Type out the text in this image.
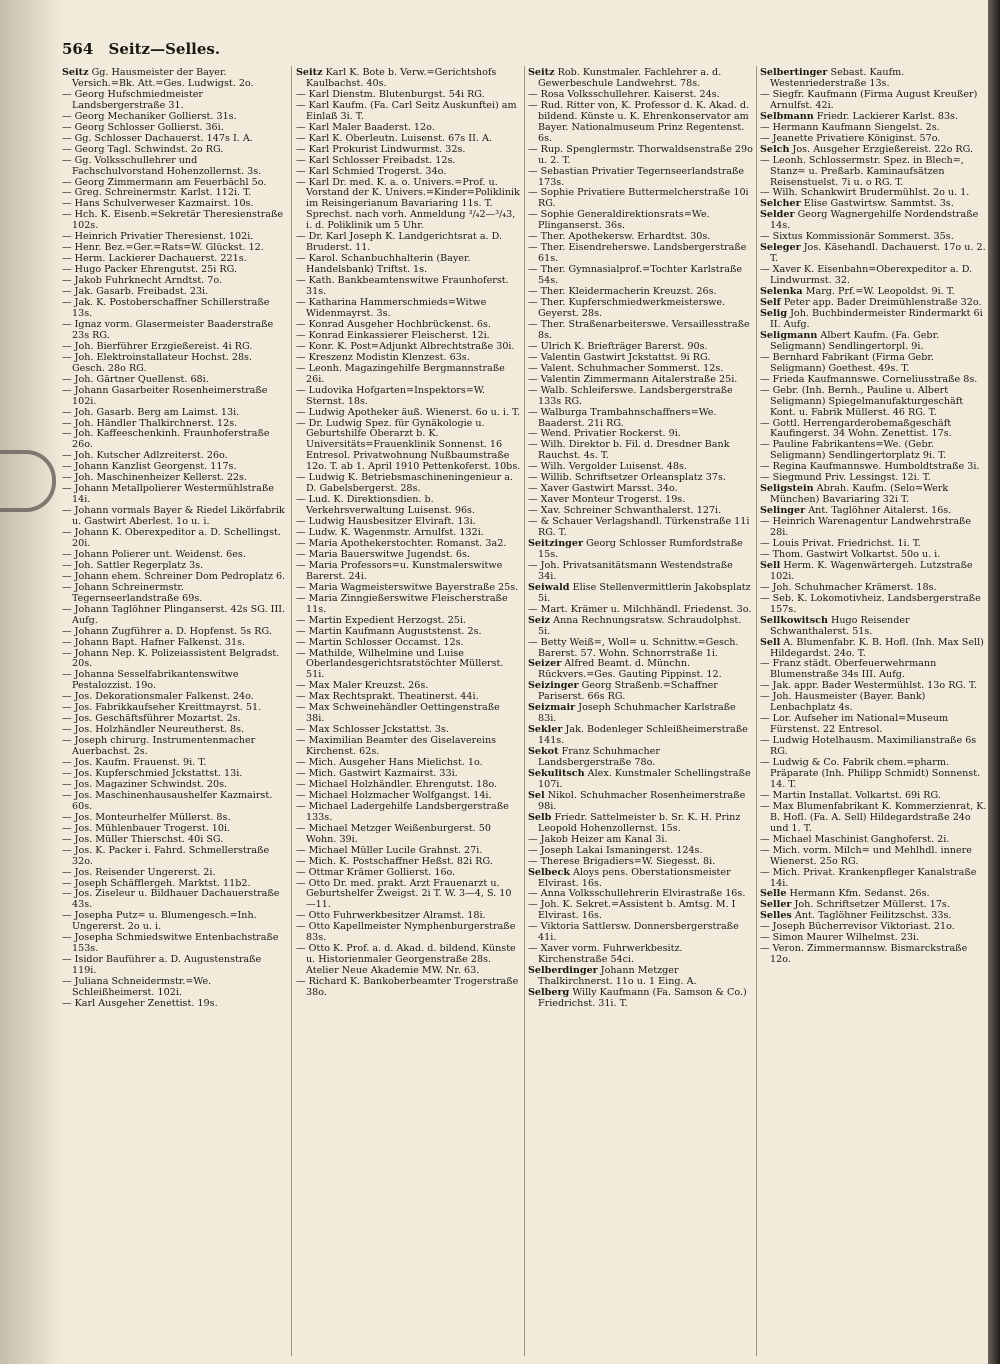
564 Seitz—Selles.
Seitz Gg. Hausmeister der Bayer. Versich.=Bk. Att.=Ges. Ludwigst. 2o.
— Georg Hufschmiedmeister Landsbergerstraße 31.
— Georg Mechaniker Gollierst. 31s.
— Georg Schlosser Gollierst. 36i.
— Gg. Schlosser Dachauerst. 147s I. A.
— Georg Tagl. Schwindst. 2o RG.
— Gg. Volksschullehrer und Fachschulvorstand Hohenzollernst. 3s.
— Georg Zimmermann am Feuerbächl 5o.
— Greg. Schreinermstr. Karlst. 112i. T.
— Hans Schulverweser Kazmairst. 10s.
— Hch. K. Eisenb.=Sekretär Theresienstraße 102s.
— Heinrich Privatier Theresienst. 102i.
— Henr. Bez.=Ger.=Rats=W. Glückst. 12.
— Herm. Lackierer Dachauerst. 221s.
— Hugo Packer Ehrengutst. 25i RG.
— Jakob Fuhrknecht Arndtst. 7o.
— Jak. Gasarb. Freibadst. 23i.
— Jak. K. Postoberschaffner Schillerstraße 13s.
— Ignaz vorm. Glasermeister Baaderstraße 23s RG.
— Joh. Bierführer Erzgießereist. 4i RG.
— Joh. Elektroinstallateur Hochst. 28s. Gesch. 28o RG.
— Joh. Gärtner Quellenst. 68i.
— Johann Gasarbeiter Rosenheimerstraße 102i.
— Joh. Gasarb. Berg am Laimst. 13i.
— Joh. Händler Thalkirchnerst. 12s.
— Joh. Kaffeeschenkinh. Fraunhoferstraße 26o.
— Joh. Kutscher Adlzreiterst. 26o.
— Johann Kanzlist Georgenst. 117s.
— Joh. Maschinenheizer Kellerst. 22s.
— Johann Metallpolierer Westermühlstraße 14i.
— Johann vormals Bayer & Riedel Likörfabrik u. Gastwirt Aberlest. 1o u. i.
— Johann K. Oberexpeditor a. D. Schellingst. 20i.
— Johann Polierer unt. Weidenst. 6es.
— Joh. Sattler Regerplatz 3s.
— Johann ehem. Schreiner Dom Pedroplatz 6.
— Johann Schreinermstr. Tegernseerlandstraße 69s.
— Johann Taglöhner Plinganserst. 42s SG. III. Aufg.
— Johann Zugführer a. D. Hopfenst. 5s RG.
— Johann Bapt. Hafner Falkenst. 31s.
— Johann Nep. K. Polizeiassistent Belgradst. 20s.
— Johanna Sesselfabrikantenswitwe Pestalozzist. 19o.
— Jos. Dekorationsmaler Falkenst. 24o.
— Jos. Fabrikkaufseher Kreittmayrst. 51.
— Jos. Geschäftsführer Mozartst. 2s.
— Jos. Holzhändler Neureutherst. 8s.
— Joseph chirurg. Instrumentenmacher Auerbachst. 2s.
— Jos. Kaufm. Frauenst. 9i. T.
— Jos. Kupferschmied Jckstattst. 13i.
— Jos. Magaziner Schwindst. 20s.
— Jos. Maschinenhausaushelfer Kazmairst. 60s.
— Jos. Monteurhelfer Müllerst. 8s.
— Jos. Mühlenbauer Trogerst. 10i.
— Jos. Müller Thierschst. 40i SG.
— Jos. K. Packer i. Fahrd. Schmellerstraße 32o.
— Jos. Reisender Ungererst. 2i.
— Joseph Schäfflergeh. Marktst. 11b2.
— Jos. Ziseleur u. Bildhauer Dachauerstraße 43s.
— Josepha Putz= u. Blumengesch.=Inh. Ungererst. 2o u. i.
— Josepha Schmiedswitwe Entenbachstraße 153s.
— Isidor Bauführer a. D. Augustenstraße 119i.
— Juliana Schneidermstr.=We. Schleißheimerst. 102i.
— Karl Ausgeher Zenettist. 19s.
Seitz Karl K. Bote b. Verw.=Gerichtshofs Kaulbachst. 40s.
— Karl Dienstm. Blutenburgst. 54i RG.
— Karl Kaufm. (Fa. Carl Seitz Auskunftei) am Einlaß 3i. T.
— Karl Maler Baaderst. 12o.
— Karl K. Oberleutn. Luisenst. 67s II. A.
— Karl Prokurist Lindwurmst. 32s.
— Karl Schlosser Freibadst. 12s.
— Karl Schmied Trogerst. 34o.
— Karl Dr. med. K. a. o. Univers.=Prof. u. Vorstand der K. Univers.=Kinder=Poliklinik im Reisingerianum Bavariaring 11s. T. Sprechst. nach vorh. Anmeldung ³/₄2—³/₄3, i. d. Poliklinik um 5 Uhr.
— Dr. Karl Joseph K. Landgerichtsrat a. D. Bruderst. 11.
— Karol. Schanbuchhalterin (Bayer. Handelsbank) Triftst. 1s.
— Kath. Bankbeamtenswitwe Fraunhoferst. 31s.
— Katharina Hammerschmieds=Witwe Widenmayrst. 3s.
— Konrad Ausgeher Hochbrückenst. 6s.
— Konrad Einkassierer Fleischerst. 12i.
— Konr. K. Post=Adjunkt Albrechtstraße 30i.
— Kreszenz Modistin Klenzest. 63s.
— Leonh. Magazingehilfe Bergmannstraße 26i.
— Ludovika Hofgarten=Inspektors=W. Sternst. 18s.
— Ludwig Apotheker äuß. Wienerst. 6o u. i. T.
— Dr. Ludwig Spez. für Gynäkologie u. Geburtshilfe Oberarzt b. K. Universitäts=Frauenklinik Sonnenst. 16 Entresol. Privatwohnung Nußbaumstraße 12o. T. ab 1. April 1910 Pettenkoferst. 10bs.
— Ludwig K. Betriebsmaschineningenieur a. D. Gabelsbergerst. 28s.
— Lud. K. Direktionsdien. b. Verkehrsverwaltung Luisenst. 96s.
— Ludwig Hausbesitzer Elviraft. 13i.
— Ludw. K. Wagenmstr. Arnulfst. 132i.
— Maria Apothekerstochter. Romanst. 3a2.
— Maria Bauerswitwe Jugendst. 6s.
— Maria Professors=u. Kunstmalerswitwe Barerst. 24i.
— Maria Wagmeisterswitwe Bayerstraße 25s.
— Maria Zinngießerswitwe Fleischerstraße 11s.
— Martin Expedient Herzogst. 25i.
— Martin Kaufmann Auguststenst. 2s.
— Martin Schlosser Occamst. 12s.
— Mathilde, Wilhelmine und Luise Oberlandesgerichtsratstöchter Müllerst. 51i.
— Max Maler Kreuzst. 26s.
— Max Rechtsprakt. Theatinerst. 44i.
— Max Schweinehändler Oettingenstraße 38i.
— Max Schlosser Jckstattst. 3s.
— Maximilian Beamter des Giselavereins Kirchenst. 62s.
— Mich. Ausgeher Hans Mielichst. 1o.
— Mich. Gastwirt Kazmairst. 33i.
— Michael Holzhändler. Ehrengutst. 18o.
— Michael Holzmacher Wolfgangst. 14i.
— Michael Ladergehilfe Landsbergerstraße 133s.
— Michael Metzger Weißenburgerst. 50 Wohn. 39i.
— Michael Müller Lucile Grahnst. 27i.
— Mich. K. Postschaffner Heßst. 82i RG.
— Ottmar Krämer Gollierst. 16o.
— Otto Dr. med. prakt. Arzt Frauenarzt u. Geburtshelfer Zweigst. 2i T. W. 3—4, S. 10—11.
— Otto Fuhrwerkbesitzer Alramst. 18i.
— Otto Kapellmeister Nymphenburgerstraße 83s.
— Otto K. Prof. a. d. Akad. d. bildend. Künste u. Historienmaler Georgenstraße 28s. Atelier Neue Akademie MW. Nr. 63.
— Richard K. Bankoberbeamter Trogerstraße 38o.
Seitz Rob. Kunstmaler. Fachlehrer a. d. Gewerbeschule Landwehrst. 78s.
— Rosa Volksschullehrer. Kaiserst. 24s.
— Rud. Ritter von, K. Professor d. K. Akad. d. bildend. Künste u. K. Ehrenkonservator am Bayer. Nationalmuseum Prinz Regentenst. 6s.
— Rup. Spenglermstr. Thorwaldsenstraße 29o u. 2. T.
— Sebastian Privatier Tegernseerlandstraße 173s.
— Sophie Privatiere Buttermelcherstraße 10i RG.
— Sophie Generaldirektionsrats=We. Plinganserst. 36s.
— Ther. Apothekersw. Erhardtst. 30s.
— Ther. Eisendreherswe. Landsbergerstraße 61s.
— Ther. Gymnasialprof.=Tochter Karlstraße 54s.
— Ther. Kleidermacherin Kreuzst. 26s.
— Ther. Kupferschmiedwerkmeisterswe. Geyerst. 28s.
— Ther. Straßenarbeiterswe. Versaillesstraße 8s.
— Ulrich K. Briefträger Barerst. 90s.
— Valentin Gastwirt Jckstattst. 9i RG.
— Valent. Schuhmacher Sommerst. 12s.
— Valentin Zimmermann Aitalerstraße 25i.
— Walb. Schleiferswe. Landsbergerstraße 133s RG.
— Walburga Trambahnschaffners=We. Baaderst. 21i RG.
— Wend. Privatier Rockerst. 9i.
— Wilh. Direktor b. Fil. d. Dresdner Bank Rauchst. 4s. T.
— Wilh. Vergolder Luisenst. 48s.
— Willib. Schriftsetzer Orleansplatz 37s.
— Xaver Gastwirt Marsst. 34o.
— Xaver Monteur Trogerst. 19s.
— Xav. Schreiner Schwanthalerst. 127i.
— & Schauer Verlagshandl. Türkenstraße 11i RG. T.
Seitzinger Georg Schlosser Rumfordstraße 15s.
— Joh. Privatsanitätsmann Westendstraße 34i.
Seiwald Elise Stellenvermittlerin Jakobsplatz 5i.
— Mart. Krämer u. Milchhändl. Friedenst. 3o.
Seiz Anna Rechnungsratsw. Schraudolphst. 5i.
— Betty Weiß=, Woll= u. Schnittw.=Gesch. Barerst. 57. Wohn. Schnorrstraße 1i.
Seizer Alfred Beamt. d. Münchn. Rückvers.=Ges. Gauting Pippinst. 12.
Seizinger Georg Straßenb.=Schaffner Pariserst. 66s RG.
Seizmair Joseph Schuhmacher Karlstraße 83i.
Sekler Jak. Bodenleger Schleißheimerstraße 141s.
Sekot Franz Schuhmacher Landsbergerstraße 78o.
Sekulitsch Alex. Kunstmaler Schellingstraße 107i.
Sel Nikol. Schuhmacher Rosenheimerstraße 98i.
Selb Friedr. Sattelmeister b. Sr. K. H. Prinz Leopold Hohenzollernst. 15s.
— Jakob Heizer am Kanal 3i.
— Joseph Lakai Ismaningerst. 124s.
— Therese Brigadiers=W. Siegesst. 8i.
Selbeck Aloys pens. Oberstationsmeister Elvirast. 16s.
— Anna Volksschullehrerin Elvirastraße 16s.
— Joh. K. Sekret.=Assistent b. Amtsg. M. I Elvirast. 16s.
— Viktoria Sattlersw. Donnersbergerstraße 41i.
— Xaver vorm. Fuhrwerkbesitz. Kirchenstraße 54ci.
Selberdinger Johann Metzger Thalkirchnerst. 11o u. 1 Eing. A.
Selberg Willy Kaufmann (Fa. Samson & Co.) Friedrichst. 31i. T.
Selbertinger Sebast. Kaufm. Westenriederstraße 13s.
— Siegfr. Kaufmann (Firma August Kreußer) Arnulfst. 42i.
Selbmann Friedr. Lackierer Karlst. 83s.
— Hermann Kaufmann Siengelst. 2s.
— Jeanette Privatiere Königinst. 57o.
Selch Jos. Ausgeher Erzgießereist. 22o RG.
— Leonh. Schlossermstr. Spez. in Blech=, Stanz= u. Preßarb. Kaminaufsätzen Reisenstuelst. 7i u. o RG. T.
— Wilh. Schankwirt Brudermühlst. 2o u. 1.
Selcher Elise Gastwirtsw. Sammtst. 3s.
Selder Georg Wagnergehilfe Nordendstraße 14s.
— Sixtus Kommissionär Sommerst. 35s.
Seleger Jos. Käsehandl. Dachauerst. 17o u. 2. T.
— Xaver K. Eisenbahn=Oberexpeditor a. D. Lindwurmst. 32.
Selenka Marg. Prf.=W. Leopoldst. 9i. T.
Self Peter app. Bader Dreimühlenstraße 32o.
Selig Joh. Buchbindermeister Rindermarkt 6i II. Aufg.
Seligmann Albert Kaufm. (Fa. Gebr. Seligmann) Sendlingertorpl. 9i.
— Bernhard Fabrikant (Firma Gebr. Seligmann) Goethest. 49s. T.
— Frieda Kaufmannswe. Corneliusstraße 8s.
— Gebr. (Inh. Bernh., Pauline u. Albert Seligmann) Spiegelmanufakturgeschäft Kont. u. Fabrik Müllerst. 46 RG. T.
— Gottl. Herrengarderobemaßgeschäft Kaufingerst. 34 Wohn. Zenettist. 17s.
— Pauline Fabrikantens=We. (Gebr. Seligmann) Sendlingertorplatz 9i. T.
— Regina Kaufmannswe. Humboldtstraße 3i.
— Siegmund Priv. Lessingst. 12i. T.
Seligstein Abrah. Kaufm. (Selo=Werk München) Bavariaring 32i T.
Selinger Ant. Taglöhner Aitalerst. 16s.
— Heinrich Warenagentur Landwehrstraße 28i.
— Louis Privat. Friedrichst. 1i. T.
— Thom. Gastwirt Volkartst. 50o u. i.
Sell Herm. K. Wagenwärtergeh. Lutzstraße 102i.
— Joh. Schuhmacher Krämerst. 18s.
— Seb. K. Lokomotivheiz. Landsbergerstraße 157s.
Sellkowitsch Hugo Reisender Schwanthalerst. 51s.
Sell A. Blumenfabr. K. B. Hofl. (Inh. Max Sell) Hildegardst. 24o. T.
— Franz städt. Oberfeuerwehrmann Blumenstraße 34s III. Aufg.
— Jak. appr. Bader Westermühlst. 13o RG. T.
— Joh. Hausmeister (Bayer. Bank) Lenbachplatz 4s.
— Lor. Aufseher im National=Museum Fürstenst. 22 Entresol.
— Ludwig Hotelhausm. Maximilianstraße 6s RG.
— Ludwig & Co. Fabrik chem.=pharm. Präparate (Inh. Philipp Schmidt) Sonnenst. 14. T.
— Martin Installat. Volkartst. 69i RG.
— Max Blumenfabrikant K. Kommerzienrat, K. B. Hofl. (Fa. A. Sell) Hildegardstraße 24o und 1. T.
— Michael Maschinist Ganghoferst. 2i.
— Mich. vorm. Milch= und Mehlhdl. innere Wienerst. 25o RG.
— Mich. Privat. Krankenpfleger Kanalstraße 14i.
Selle Hermann Kfm. Sedanst. 26s.
Seller Joh. Schriftsetzer Müllerst. 17s.
Selles Ant. Taglöhner Feilitzschst. 33s.
— Joseph Bücherrevisor Viktoriast. 21o.
— Simon Maurer Wilhelmst. 23i.
— Veron. Zimmermannsw. Bismarckstraße 12o.
